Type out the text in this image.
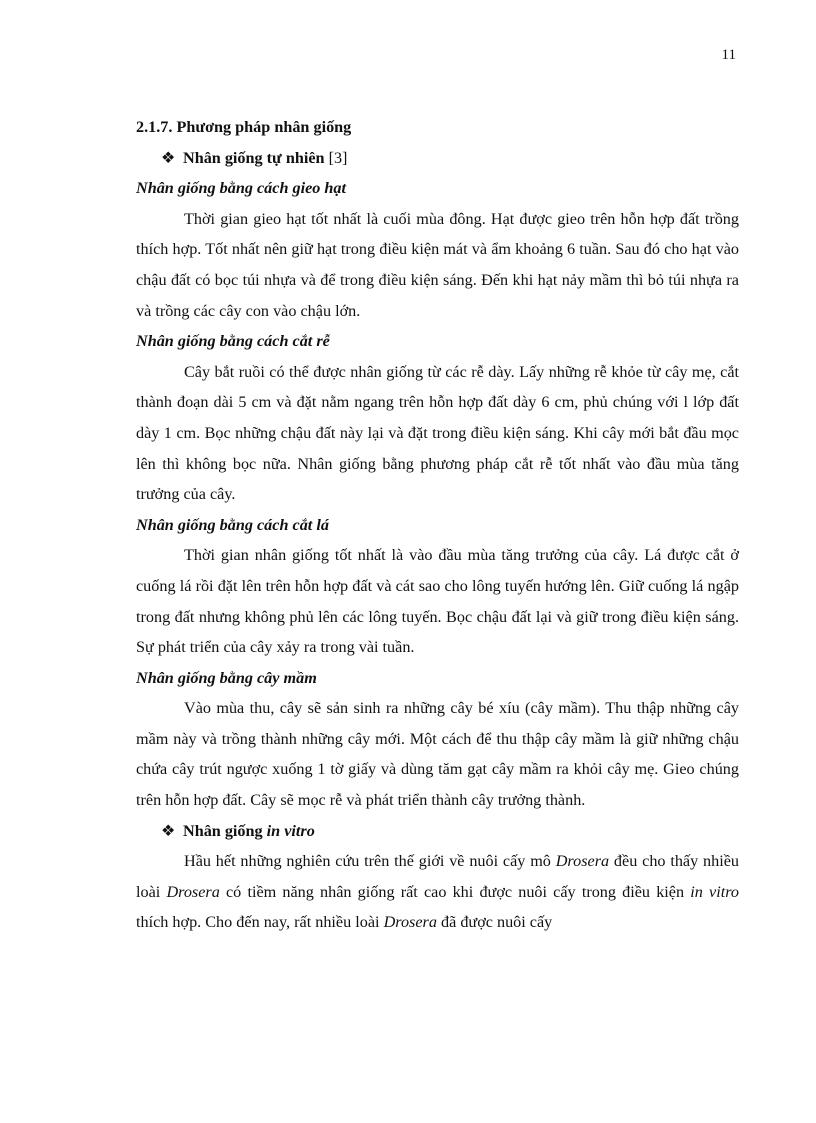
11

2.1.7. Phương pháp nhân giống

❖ Nhân giống tự nhiên [3]

Nhân giống bằng cách gieo hạt

Thời gian gieo hạt tốt nhất là cuối mùa đông. Hạt được gieo trên hỗn hợp đất trồng thích hợp. Tốt nhất nên giữ hạt trong điều kiện mát và ẩm khoảng 6 tuần. Sau đó cho hạt vào chậu đất có bọc túi nhựa và để trong điều kiện sáng. Đến khi hạt nảy mầm thì bỏ túi nhựa ra và trồng các cây con vào chậu lớn.

Nhân giống bằng cách cắt rễ

Cây bắt ruồi có thể được nhân giống từ các rễ dày. Lấy những rễ khỏe từ cây mẹ, cắt thành đoạn dài 5 cm và đặt nằm ngang trên hỗn hợp đất dày 6 cm, phủ chúng với l lớp đất dày 1 cm. Bọc những chậu đất này lại và đặt trong điều kiện sáng. Khi cây mới bắt đầu mọc lên thì không bọc nữa. Nhân giống bằng phương pháp cắt rễ tốt nhất vào đầu mùa tăng trưởng của cây.

Nhân giống bằng cách cắt lá

Thời gian nhân giống tốt nhất là vào đầu mùa tăng trưởng của cây. Lá được cắt ở cuống lá rồi đặt lên trên hỗn hợp đất và cát sao cho lông tuyến hướng lên. Giữ cuống lá ngập trong đất nhưng không phủ lên các lông tuyến. Bọc chậu đất lại và giữ trong điều kiện sáng. Sự phát triển của cây xảy ra trong vài tuần.

Nhân giống bằng cây mầm

Vào mùa thu, cây sẽ sản sinh ra những cây bé xíu (cây mầm). Thu thập những cây mầm này và trồng thành những cây mới. Một cách để thu thập cây mầm là giữ những chậu chứa cây trút ngược xuống 1 tờ giấy và dùng tăm gạt cây mầm ra khỏi cây mẹ. Gieo chúng trên hỗn hợp đất. Cây sẽ mọc rễ và phát triển thành cây trưởng thành.

❖ Nhân giống in vitro

Hầu hết những nghiên cứu trên thế giới về nuôi cấy mô Drosera đều cho thấy nhiều loài Drosera có tiềm năng nhân giống rất cao khi được nuôi cấy trong điều kiện in vitro thích hợp. Cho đến nay, rất nhiều loài Drosera đã được nuôi cấy
